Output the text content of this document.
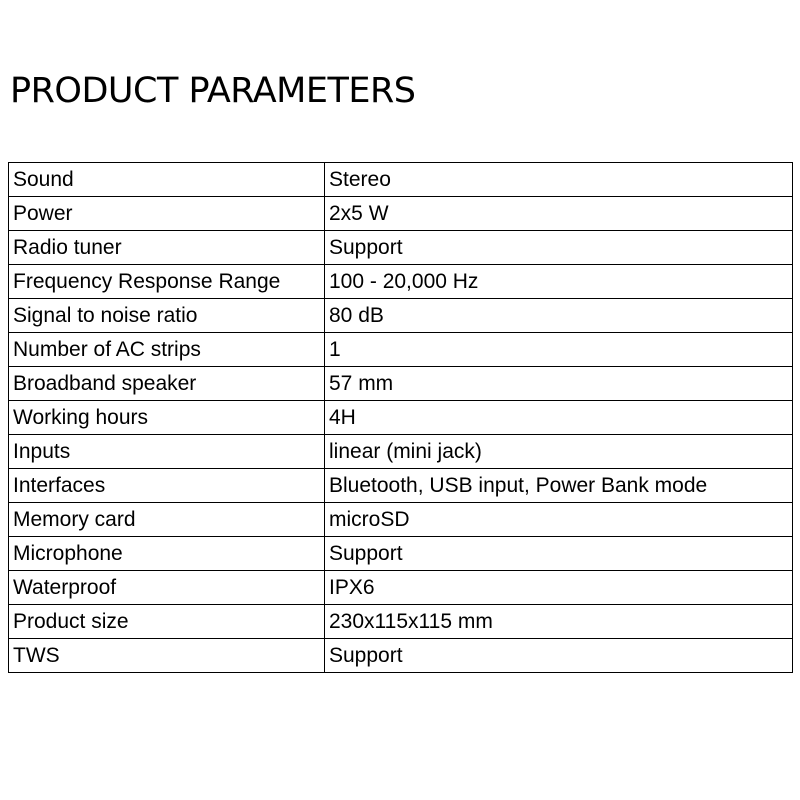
PRODUCT PARAMETERS
Sound	Stereo
Power	2x5 W
Radio tuner	Support
Frequency Response Range	100 - 20,000 Hz
Signal to noise ratio	80 dB
Number of AC strips	1
Broadband speaker	57 mm
Working hours	4H
Inputs	linear (mini jack)
Interfaces	Bluetooth, USB input, Power Bank mode
Memory card	microSD
Microphone	Support
Waterproof	IPX6
Product size	230x115x115 mm
TWS	Support
